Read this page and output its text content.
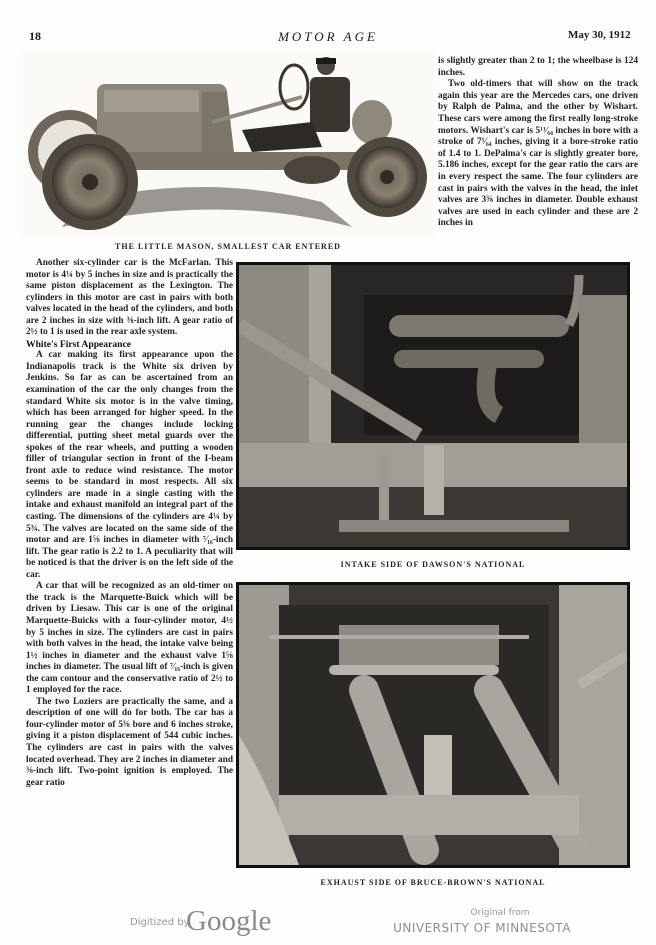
18	MOTOR AGE	May 30, 1912
THE LITTLE MASON, SMALLEST CAR ENTERED

is slightly greater than 2 to 1; the wheelbase is 124 inches.

Two old-timers that will show on the track again this year are the Mercedes cars, one driven by Ralph de Palma, and the other by Wishart. These cars were among the first really long-stroke motors. Wishart's car is 5¹¹⁄₆₄ inches in bore with a stroke of 7⁵⁄₆₄ inches, giving it a bore-stroke ratio of 1.4 to 1. DePalma's car is slightly greater bore, 5.186 inches, except for the gear ratio the cars are in every respect the same. The four cylinders are cast in pairs with the valves in the head, the inlet valves are 3⅜ inches in diameter. Double exhaust valves are used in each cylinder and these are 2 inches in

Another six-cylinder car is the McFarlan. This motor is 4¼ by 5 inches in size and is practically the same piston displacement as the Lexington. The cylinders in this motor are cast in pairs with both valves located in the head of the cylinders, and both are 2 inches in size with ⅜-inch lift. A gear ratio of 2½ to 1 is used in the rear axle system.

White's First Appearance

A car making its first appearance upon the Indianapolis track is the White six driven by Jenkins. So far as can be ascertained from an examination of the car the only changes from the standard White six motor is in the valve timing, which has been arranged for higher speed. In the running gear the changes include locking differential, putting sheet metal guards over the spokes of the rear wheels, and putting a wooden filler of triangular section in front of the I-beam front axle to reduce wind resistance. The motor seems to be standard in most respects. All six cylinders are made in a single casting with the intake and exhaust manifold an integral part of the casting. The dimensions of the cylinders are 4¼ by 5¾. The valves are located on the same side of the motor and are 1⅝ inches in diameter with ⁷⁄₁₆-inch lift. The gear ratio is 2.2 to 1. A peculiarity that will be noticed is that the driver is on the left side of the car.

A car that will be recognized as an old-timer on the track is the Marquette-Buick which will be driven by Liesaw. This car is one of the original Marquette-Buicks with a four-cylinder motor, 4½ by 5 inches in size. The cylinders are cast in pairs with both valves in the head, the intake valve being 1½ inches in diameter and the exhaust valve 1⅝ inches in diameter. The usual lift of ⁷⁄₁₆-inch is given the cam contour and the conservative ratio of 2½ to 1 employed for the race.

The two Loziers are practically the same, and a description of one will do for both. The car has a four-cylinder motor of 5⅜ bore and 6 inches stroke, giving it a piston displacement of 544 cubic inches. The cylinders are cast in pairs with the valves located overhead. They are 2 inches in diameter and ⅜-inch lift. Two-point ignition is employed. The gear ratio

INTAKE SIDE OF DAWSON'S NATIONAL
EXHAUST SIDE OF BRUCE-BROWN'S NATIONAL
Digitized by
Google	Original from
UNIVERSITY OF MINNESOTA
